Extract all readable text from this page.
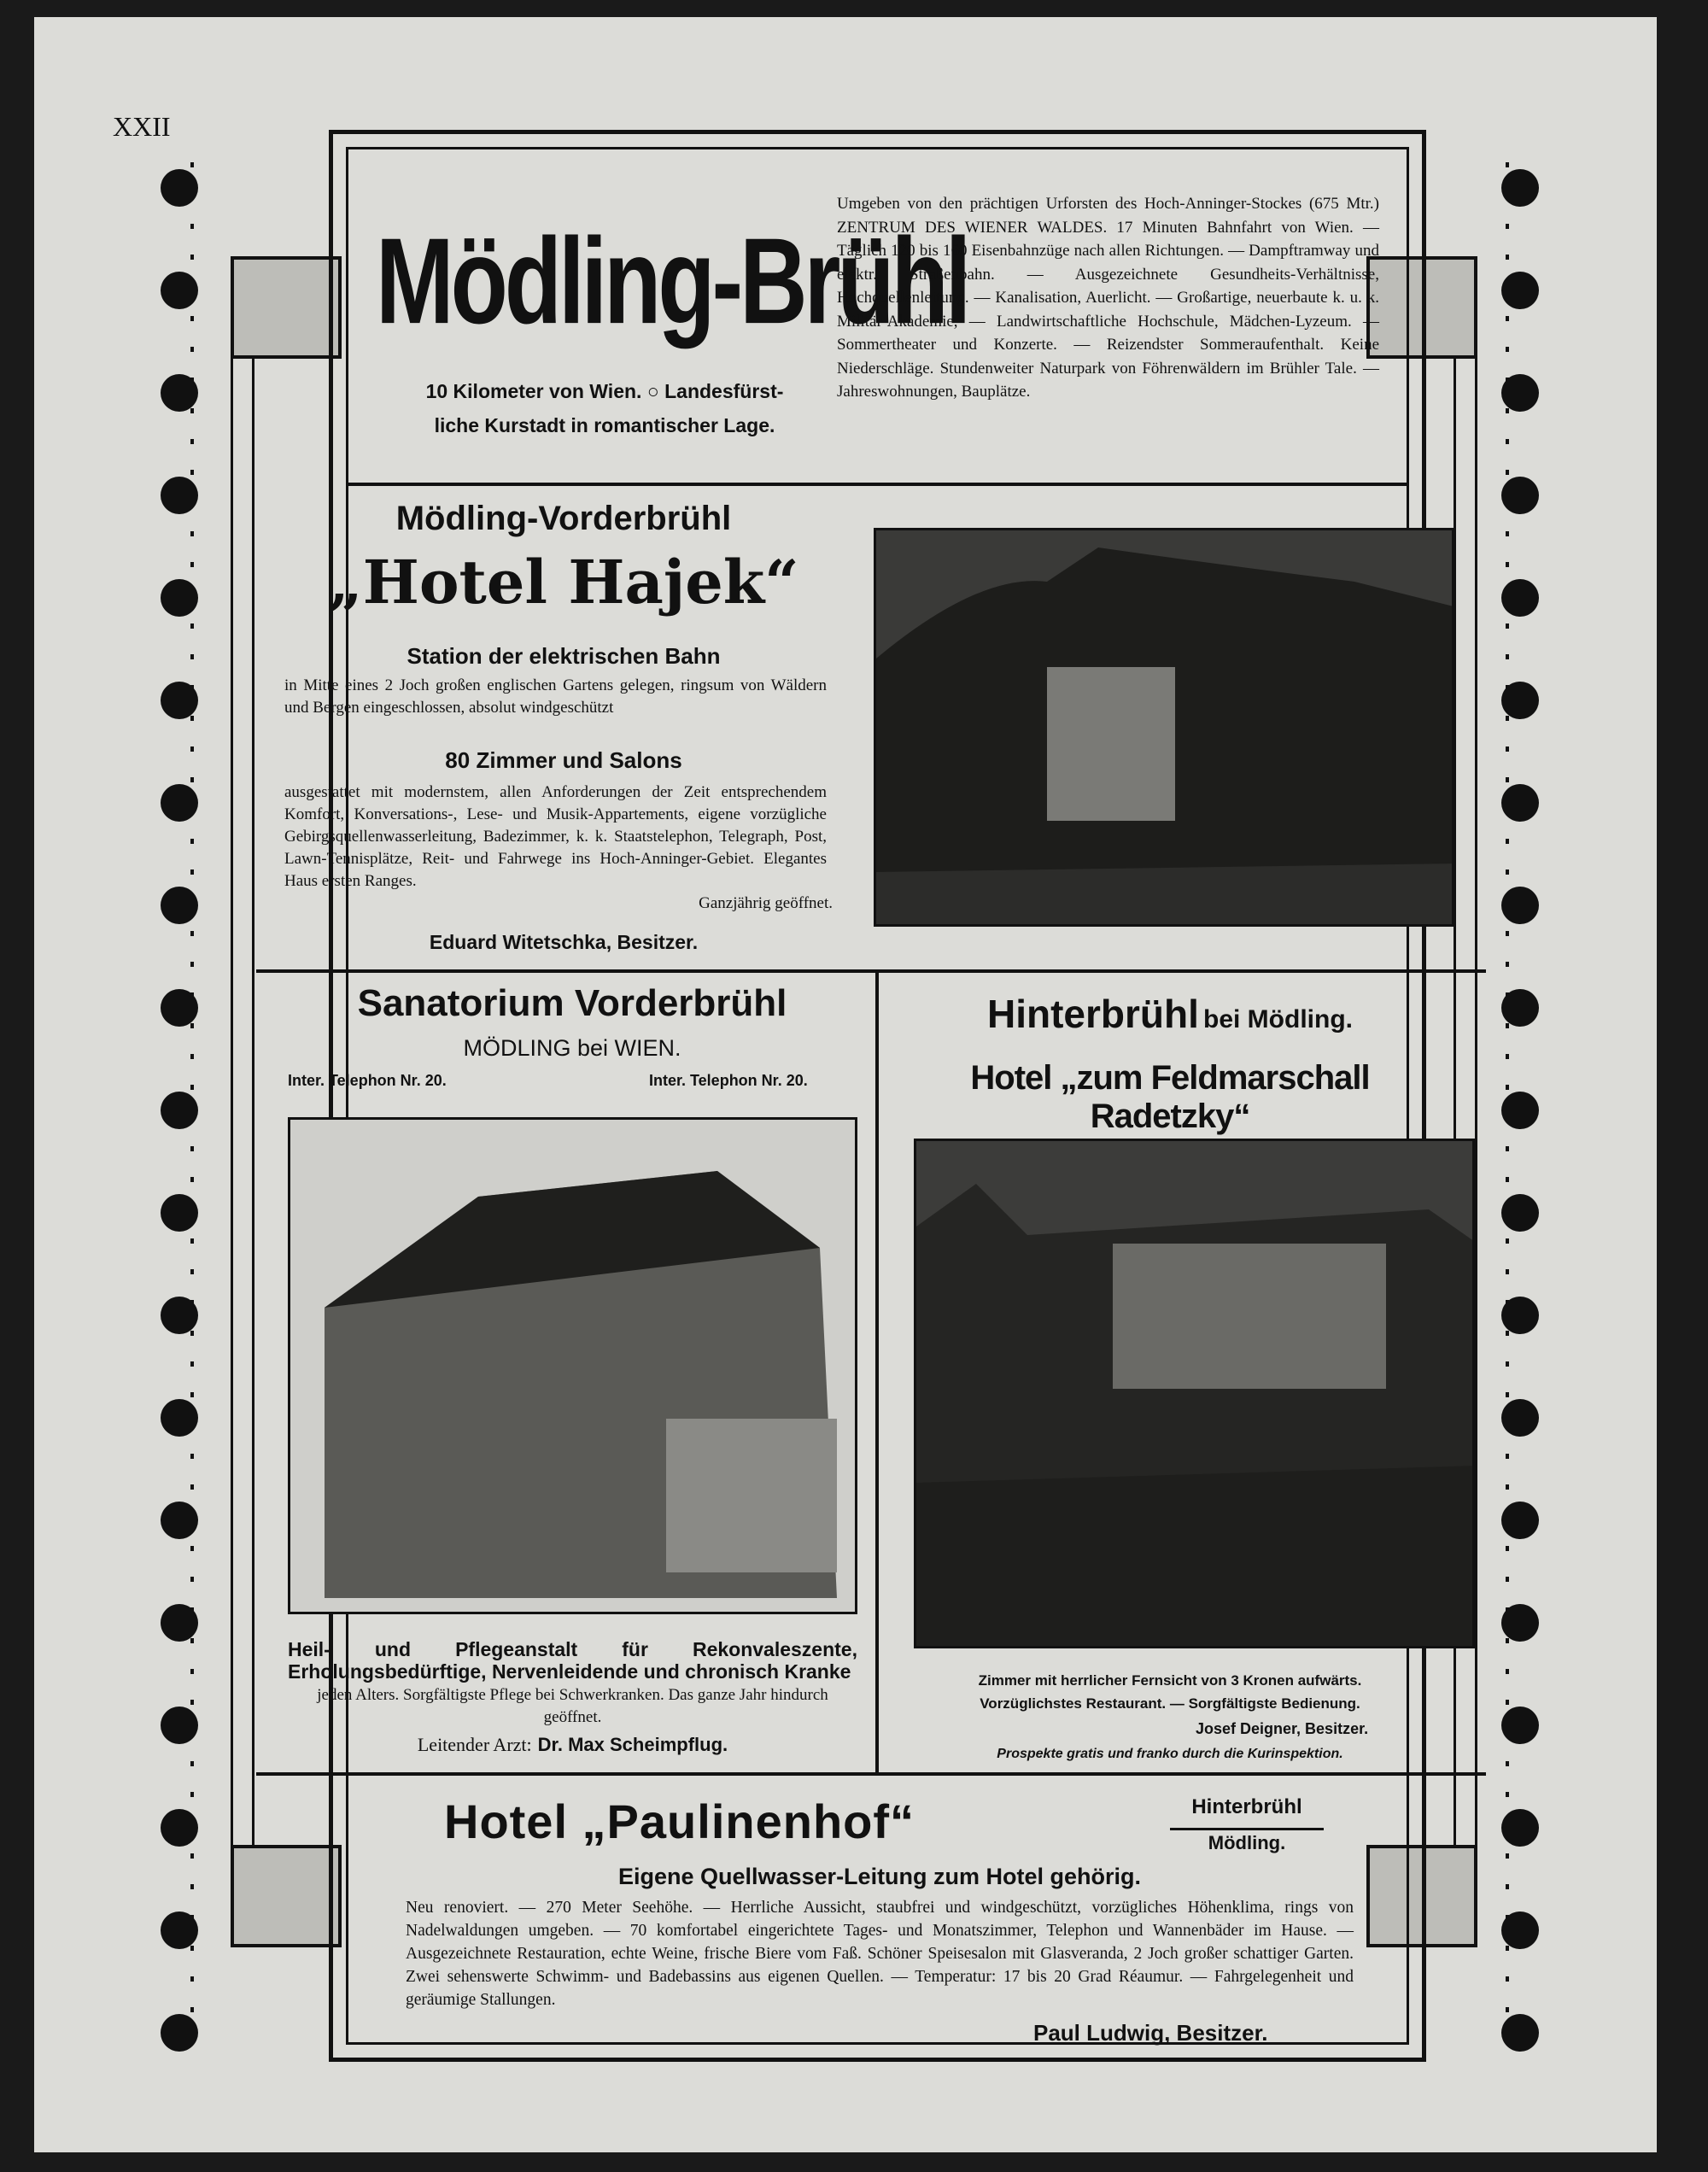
XXII
Mödling-Brühl
10 Kilometer von Wien. ○ Landesfürst-
liche Kurstadt in romantischer Lage.
Umgeben von den prächtigen Urforsten des Hoch-Anninger-Stockes (675 Mtr.) ZENTRUM DES WIENER WALDES. 17 Minuten Bahnfahrt von Wien. — Täglich 120 bis 160 Eisenbahnzüge nach allen Richtungen. — Dampftramway und elektr. Straßenbahn. — Ausgezeichnete Gesundheits-Verhältnisse, Hochquellenleitung. — Kanalisation, Auerlicht. — Großartige, neuerbaute k. u. k. Militär-Akademie, — Landwirtschaftliche Hochschule, Mädchen-Lyzeum. — Sommertheater und Konzerte. — Reizendster Sommeraufenthalt. Keine Niederschläge. Stundenweiter Naturpark von Föhrenwäldern im Brühler Tale. — Jahreswohnungen, Bauplätze.
Mödling-Vorderbrühl
„Hotel Hajek“
Station der elektrischen Bahn
in Mitte eines 2 Joch großen englischen Gartens gelegen, ringsum von Wäldern und Bergen eingeschlossen, absolut windgeschützt
80 Zimmer und Salons
ausgestattet mit modernstem, allen Anforderungen der Zeit entsprechendem Komfort, Konversations-, Lese- und Musik-Appartements, eigene vorzügliche Gebirgsquellenwasserleitung, Badezimmer, k. k. Staatstelephon, Telegraph, Post, Lawn-Tennisplätze, Reit- und Fahrwege ins Hoch-Anninger-Gebiet. Elegantes Haus ersten Ranges.
Ganzjährig geöffnet.
Eduard Witetschka, Besitzer.
Sanatorium Vorderbrühl
MÖDLING bei WIEN.
Inter. Telephon Nr. 20.	Inter. Telephon Nr. 20.
Heil- und Pflegeanstalt für Rekonvaleszente, Erholungsbedürftige, Nervenleidende und chronisch Kranke
jeden Alters. Sorgfältigste Pflege bei Schwerkranken. Das ganze Jahr hindurch geöffnet.
Leitender Arzt: Dr. Max Scheimpflug.
Hinterbrühl bei Mödling.
Hotel „zum Feldmarschall Radetzky“
Zimmer mit herrlicher Fernsicht von 3 Kronen aufwärts.
Vorzüglichstes Restaurant. — Sorgfältigste Bedienung.
Josef Deigner, Besitzer.
Prospekte gratis und franko durch die Kurinspektion.
Hotel „Paulinenhof“	Hinterbrühl
Mödling.
Eigene Quellwasser-Leitung zum Hotel gehörig.
Neu renoviert. — 270 Meter Seehöhe. — Herrliche Aussicht, staubfrei und windgeschützt, vorzügliches Höhenklima, rings von Nadelwaldungen umgeben. — 70 komfortabel eingerichtete Tages- und Monatszimmer, Telephon und Wannenbäder im Hause. — Ausgezeichnete Restauration, echte Weine, frische Biere vom Faß. Schöner Speisesalon mit Glasveranda, 2 Joch großer schattiger Garten. Zwei sehenswerte Schwimm- und Badebassins aus eigenen Quellen. — Temperatur: 17 bis 20 Grad Réaumur. — Fahrgelegenheit und geräumige Stallungen.
Paul Ludwig, Besitzer.
